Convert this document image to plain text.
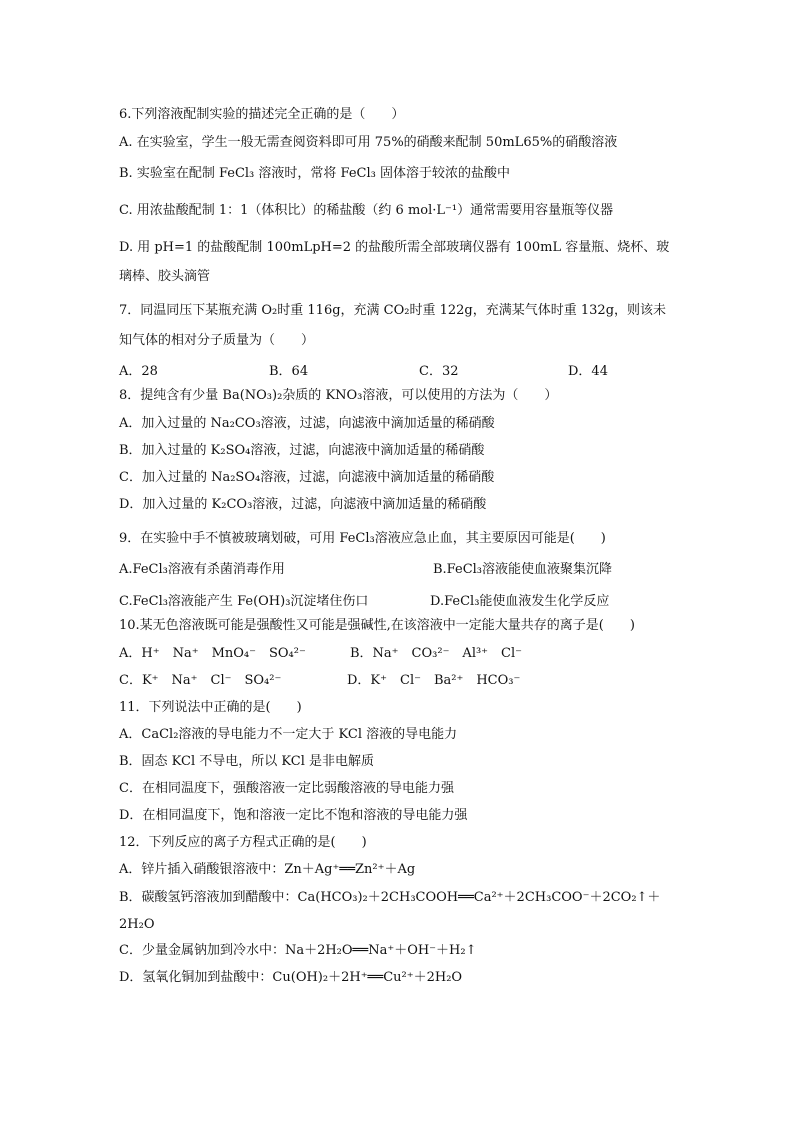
6.下列溶液配制实验的描述完全正确的是（　　）
A. 在实验室，学生一般无需查阅资料即可用 75%的硝酸来配制 50mL65%的硝酸溶液
B. 实验室在配制 FeCl₃ 溶液时，常将 FeCl₃ 固体溶于较浓的盐酸中
C. 用浓盐酸配制 1：1（体积比）的稀盐酸（约 6 mol·L⁻¹）通常需要用容量瓶等仪器
D. 用 pH=1 的盐酸配制 100mLpH=2 的盐酸所需全部玻璃仪器有 100mL 容量瓶、烧杯、玻
璃棒、胶头滴管
7．同温同压下某瓶充满 O₂时重 116g，充满 CO₂时重 122g，充满某气体时重 132g，则该未
知气体的相对分子质量为（　　）
A．28	B．64	C．32	D．44
8．提纯含有少量 Ba(NO₃)₂杂质的 KNO₃溶液，可以使用的方法为（　　）
A．加入过量的 Na₂CO₃溶液，过滤，向滤液中滴加适量的稀硝酸
B．加入过量的 K₂SO₄溶液，过滤，向滤液中滴加适量的稀硝酸
C．加入过量的 Na₂SO₄溶液，过滤，向滤液中滴加适量的稀硝酸
D．加入过量的 K₂CO₃溶液，过滤，向滤液中滴加适量的稀硝酸
9．在实验中手不慎被玻璃划破，可用 FeCl₃溶液应急止血，其主要原因可能是(　　)
A.FeCl₃溶液有杀菌消毒作用	B.FeCl₃溶液能使血液聚集沉降
C.FeCl₃溶液能产生 Fe(OH)₃沉淀堵住伤口	D.FeCl₃能使血液发生化学反应
10.某无色溶液既可能是强酸性又可能是强碱性,在该溶液中一定能大量共存的离子是(　　)
A．H⁺　Na⁺　MnO₄⁻　SO₄²⁻	B．Na⁺　CO₃²⁻　Al³⁺　Cl⁻
C．K⁺　Na⁺　Cl⁻　SO₄²⁻	D．K⁺　Cl⁻　Ba²⁺　HCO₃⁻
11．下列说法中正确的是(　　)
A．CaCl₂溶液的导电能力不一定大于 KCl 溶液的导电能力
B．固态 KCl 不导电，所以 KCl 是非电解质
C．在相同温度下，强酸溶液一定比弱酸溶液的导电能力强
D．在相同温度下，饱和溶液一定比不饱和溶液的导电能力强
12．下列反应的离子方程式正确的是(　　)
A．锌片插入硝酸银溶液中：Zn＋Ag⁺══Zn²⁺＋Ag
B．碳酸氢钙溶液加到醋酸中：Ca(HCO₃)₂＋2CH₃COOH══Ca²⁺＋2CH₃COO⁻＋2CO₂↑＋
2H₂O
C．少量金属钠加到冷水中：Na＋2H₂O══Na⁺＋OH⁻＋H₂↑
D．氢氧化铜加到盐酸中：Cu(OH)₂＋2H⁺══Cu²⁺＋2H₂O
